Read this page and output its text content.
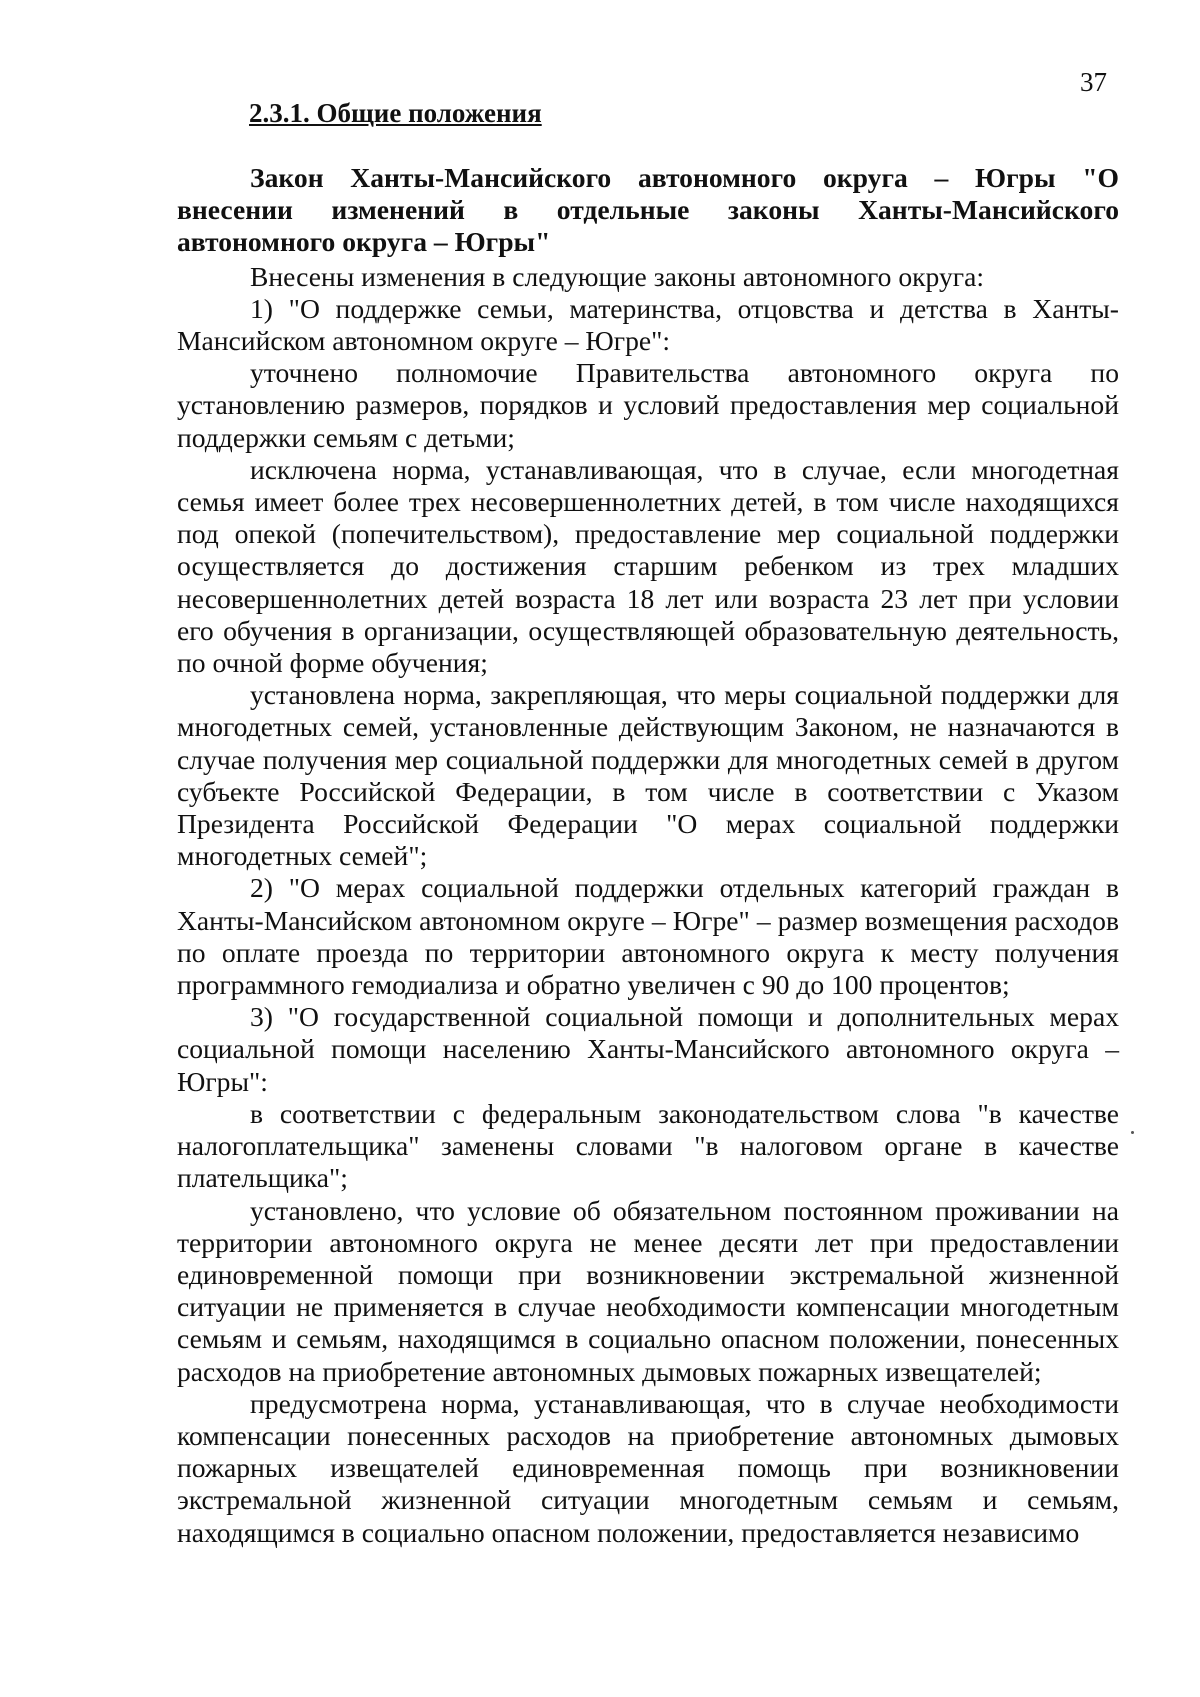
37
2.3.1. Общие положения

Закон Ханты-Мансийского автономного округа – Югры "О внесении изменений в отдельные законы Ханты-Мансийского автономного округа – Югры"

Внесены изменения в следующие законы автономного округа:

1) "О поддержке семьи, материнства, отцовства и детства в Ханты-Мансийском автономном округе – Югре":

уточнено полномочие Правительства автономного округа по установлению размеров, порядков и условий предоставления мер социальной поддержки семьям с детьми;

исключена норма, устанавливающая, что в случае, если многодетная семья имеет более трех несовершеннолетних детей, в том числе находящихся под опекой (попечительством), предоставление мер социальной поддержки осуществляется до достижения старшим ребенком из трех младших несовершеннолетних детей возраста 18 лет или возраста 23 лет при условии его обучения в организации, осуществляющей образовательную деятельность, по очной форме обучения;

установлена норма, закрепляющая, что меры социальной поддержки для многодетных семей, установленные действующим Законом, не назначаются в случае получения мер социальной поддержки для многодетных семей в другом субъекте Российской Федерации, в том числе в соответствии с Указом Президента Российской Федерации "О мерах социальной поддержки многодетных семей";

2) "О мерах социальной поддержки отдельных категорий граждан в Ханты-Мансийском автономном округе – Югре" – размер возмещения расходов по оплате проезда по территории автономного округа к месту получения программного гемодиализа и обратно увеличен с 90 до 100 процентов;

3) "О государственной социальной помощи и дополнительных мерах социальной помощи населению Ханты-Мансийского автономного округа – Югры":

в соответствии с федеральным законодательством слова "в качестве налогоплательщика" заменены словами "в налоговом органе в качестве плательщика";

установлено, что условие об обязательном постоянном проживании на территории автономного округа не менее десяти лет при предоставлении единовременной помощи при возникновении экстремальной жизненной ситуации не применяется в случае необходимости компенсации многодетным семьям и семьям, находящимся в социально опасном положении, понесенных расходов на приобретение автономных дымовых пожарных извещателей;

предусмотрена норма, устанавливающая, что в случае необходимости компенсации понесенных расходов на приобретение автономных дымовых пожарных извещателей единовременная помощь при возникновении экстремальной жизненной ситуации многодетным семьям и семьям, находящимся в социально опасном положении, предоставляется независимо
